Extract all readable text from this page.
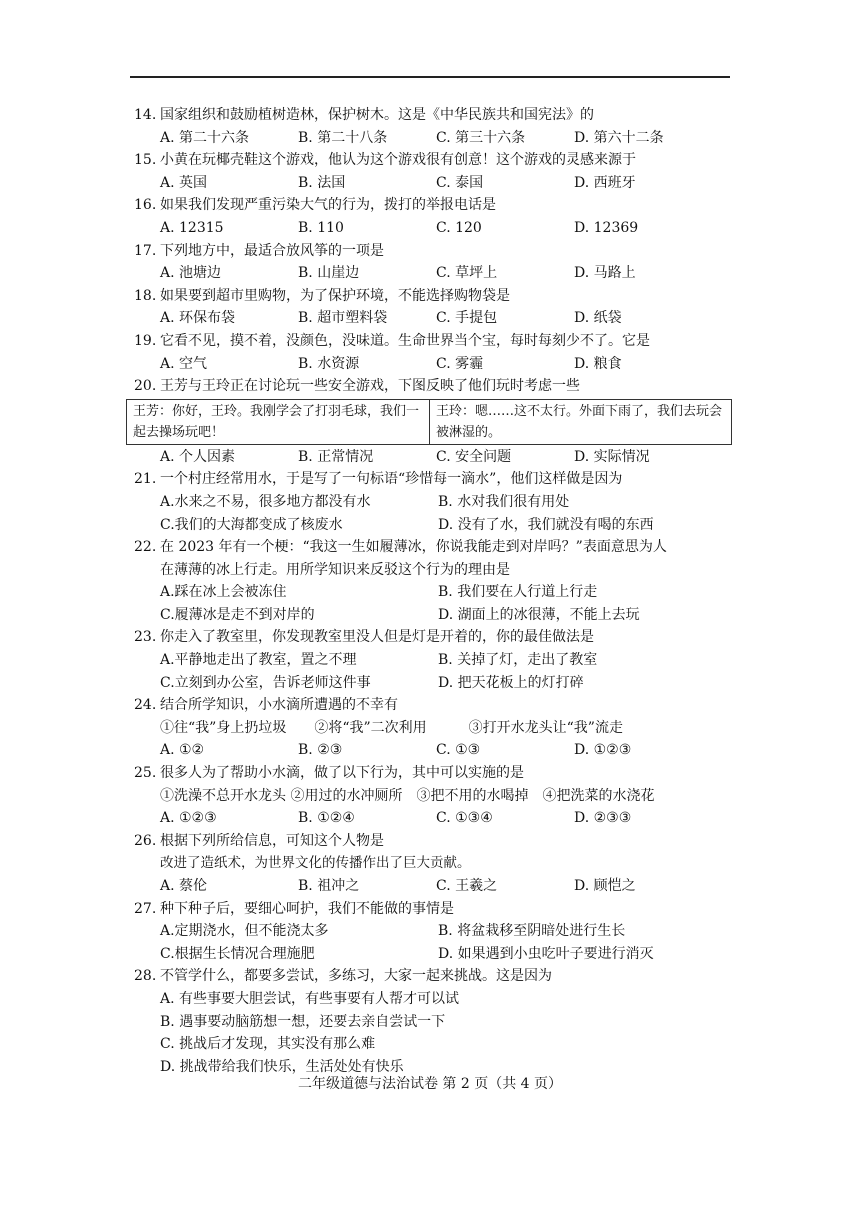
14. 国家组织和鼓励植树造林，保护树木。这是《中华民族共和国宪法》的
A. 第二十六条	B. 第二十八条	C. 第三十六条	D. 第六十二条
15. 小黄在玩椰壳鞋这个游戏，他认为这个游戏很有创意！这个游戏的灵感来源于
A. 英国	B. 法国	C. 泰国	D. 西班牙
16. 如果我们发现严重污染大气的行为，拨打的举报电话是
A. 12315	B. 110	C. 120	D. 12369
17. 下列地方中，最适合放风筝的一项是
A. 池塘边	B. 山崖边	C. 草坪上	D. 马路上
18. 如果要到超市里购物，为了保护环境，不能选择购物袋是
A. 环保布袋	B. 超市塑料袋	C. 手提包	D. 纸袋
19. 它看不见，摸不着，没颜色，没味道。生命世界当个宝，每时每刻少不了。它是
A. 空气	B. 水资源	C. 雾霾	D. 粮食
20. 王芳与王玲正在讨论玩一些安全游戏，下图反映了他们玩时考虑一些
王芳：你好，王玲。我刚学会了打羽毛球，我们一起去操场玩吧！
王玲：嗯……这不太行。外面下雨了，我们去玩会被淋湿的。
A. 个人因素	B. 正常情况	C. 安全问题	D. 实际情况
21. 一个村庄经常用水，于是写了一句标语“珍惜每一滴水”，他们这样做是因为
A.水来之不易，很多地方都没有水	B. 水对我们很有用处
C.我们的大海都变成了核废水	D. 没有了水，我们就没有喝的东西
22. 在 2023 年有一个梗：“我这一生如履薄冰，你说我能走到对岸吗？”表面意思为人
在薄薄的冰上行走。用所学知识来反驳这个行为的理由是
A.踩在冰上会被冻住	B. 我们要在人行道上行走
C.履薄冰是走不到对岸的	D. 湖面上的冰很薄，不能上去玩
23. 你走入了教室里，你发现教室里没人但是灯是开着的，你的最佳做法是
A.平静地走出了教室，置之不理	B. 关掉了灯，走出了教室
C.立刻到办公室，告诉老师这件事	D. 把天花板上的灯打碎
24. 结合所学知识，小水滴所遭遇的不幸有
①往“我”身上扔垃圾　　②将“我”二次利用　　　③打开水龙头让“我”流走
A. ①②	B. ②③	C. ①③	D. ①②③
25. 很多人为了帮助小水滴，做了以下行为，其中可以实施的是
①洗澡不总开水龙头 ②用过的水冲厕所　③把不用的水喝掉　④把洗菜的水浇花
A. ①②③	B. ①②④	C. ①③④	D. ②③③
26. 根据下列所给信息，可知这个人物是
改进了造纸术，为世界文化的传播作出了巨大贡献。
A. 蔡伦	B. 祖冲之	C. 王羲之	D. 顾恺之
27. 种下种子后，要细心呵护，我们不能做的事情是
A.定期浇水，但不能浇太多	B. 将盆栽移至阴暗处进行生长
C.根据生长情况合理施肥	D. 如果遇到小虫吃叶子要进行消灭
28. 不管学什么，都要多尝试，多练习，大家一起来挑战。这是因为
A. 有些事要大胆尝试，有些事要有人帮才可以试
B. 遇事要动脑筋想一想，还要去亲自尝试一下
C. 挑战后才发现，其实没有那么难
D. 挑战带给我们快乐，生活处处有快乐
二年级道德与法治试卷 第 2 页（共 4 页）
